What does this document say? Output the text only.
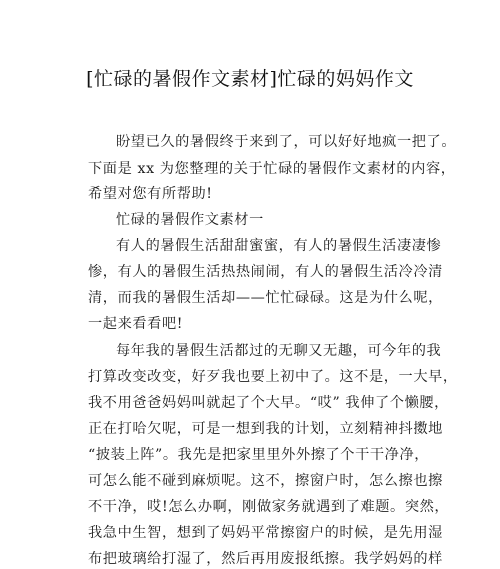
[忙碌的暑假作文素材]忙碌的妈妈作文
盼望已久的暑假终于来到了，可以好好地疯一把了。
下面是 xx 为您整理的关于忙碌的暑假作文素材的内容，
希望对您有所帮助!
忙碌的暑假作文素材一
有人的暑假生活甜甜蜜蜜，有人的暑假生活凄凄惨
惨，有人的暑假生活热热闹闹，有人的暑假生活冷冷清
清，而我的暑假生活却——忙忙碌碌。这是为什么呢，
一起来看看吧!
每年我的暑假生活都过的无聊又无趣，可今年的我
打算改变改变，好歹我也要上初中了。这不是，一大早，
我不用爸爸妈妈叫就起了个大早。“哎” 我伸了个懒腰，
正在打哈欠呢，可是一想到我的计划，立刻精神抖擞地
“披装上阵”。我先是把家里里外外擦了个干干净净，
可怎么能不碰到麻烦呢。这不，擦窗户时，怎么擦也擦
不干净，哎!怎么办啊，刚做家务就遇到了难题。突然，
我急中生智，想到了妈妈平常擦窗户的时候，是先用湿
布把玻璃给打湿了，然后再用废报纸擦。我学妈妈的样
